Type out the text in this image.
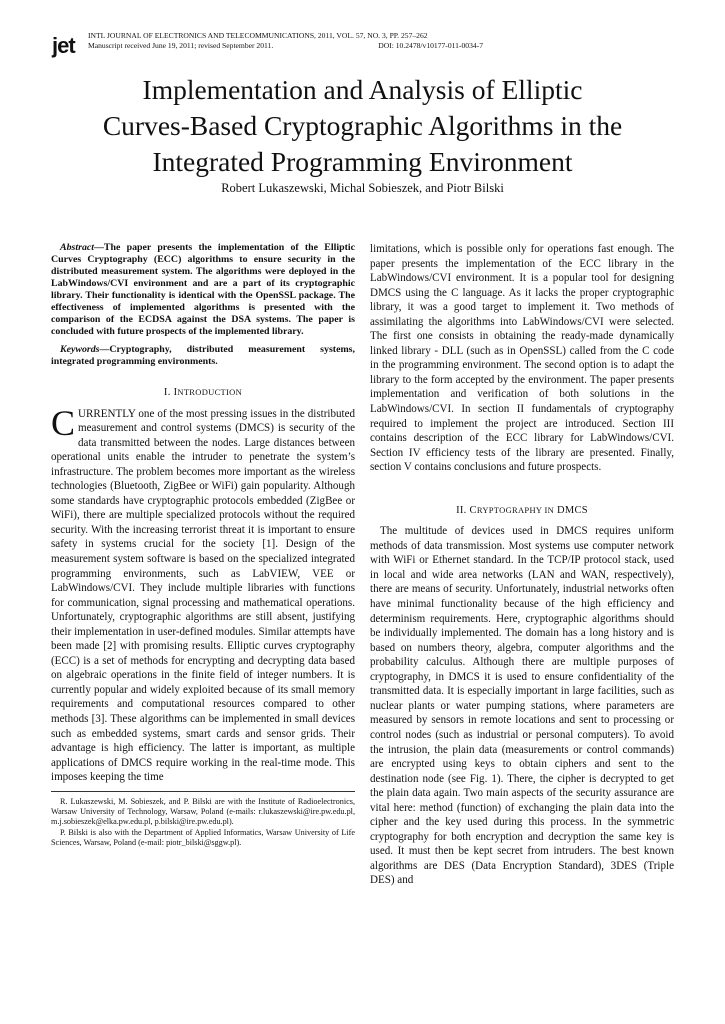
jet INTL JOURNAL OF ELECTRONICS AND TELECOMMUNICATIONS, 2011, VOL. 57, NO. 3, PP. 257–262
Manuscript received June 19, 2011; revised September 2011.	DOI: 10.2478/v10177-011-0034-7
Implementation and Analysis of Elliptic
Curves-Based Cryptographic Algorithms in the
Integrated Programming Environment
Robert Lukaszewski, Michal Sobieszek, and Piotr Bilski

Abstract—The paper presents the implementation of the Elliptic Curves Cryptography (ECC) algorithms to ensure security in the distributed measurement system. The algorithms were deployed in the LabWindows/CVI environment and are a part of its cryptographic library. Their functionality is identical with the OpenSSL package. The effectiveness of implemented algorithms is presented with the comparison of the ECDSA against the DSA systems. The paper is concluded with future prospects of the implemented library.

Keywords—Cryptography, distributed measurement systems, integrated programming environments.

I. INTRODUCTION

CURRENTLY one of the most pressing issues in the distributed measurement and control systems (DMCS) is security of the data transmitted between the nodes. Large distances between operational units enable the intruder to penetrate the system’s infrastructure. The problem becomes more important as the wireless technologies (Bluetooth, ZigBee or WiFi) gain popularity. Although some standards have cryptographic protocols embedded (ZigBee or WiFi), there are multiple specialized protocols without the required security. With the increasing terrorist threat it is important to ensure safety in systems crucial for the society [1]. Design of the measurement system software is based on the specialized integrated programming environments, such as LabVIEW, VEE or LabWindows/CVI. They include multiple libraries with functions for communication, signal processing and mathematical operations. Unfortunately, cryptographic algorithms are still absent, justifying their implementation in user-defined modules. Similar attempts have been made [2] with promising results. Elliptic curves cryptography (ECC) is a set of methods for encrypting and decrypting data based on algebraic operations in the finite field of integer numbers. It is currently popular and widely exploited because of its small memory requirements and computational resources compared to other methods [3]. These algorithms can be implemented in small devices such as embedded systems, smart cards and sensor grids. Their advantage is high efficiency. The latter is important, as multiple applications of DMCS require working in the real-time mode. This imposes keeping the time

R. Lukaszewski, M. Sobieszek, and P. Bilski are with the Institute of Radioelectronics, Warsaw University of Technology, Warsaw, Poland (e-mails: r.lukaszewski@ire.pw.edu.pl, m.j.sobieszek@elka.pw.edu.pl, p.bilski@ire.pw.edu.pl).

P. Bilski is also with the Department of Applied Informatics, Warsaw University of Life Sciences, Warsaw, Poland (e-mail: piotr_bilski@sggw.pl).

limitations, which is possible only for operations fast enough. The paper presents the implementation of the ECC library in the LabWindows/CVI environment. It is a popular tool for designing DMCS using the C language. As it lacks the proper cryptographic library, it was a good target to implement it. Two methods of assimilating the algorithms into LabWindows/CVI were selected. The first one consists in obtaining the ready-made dynamically linked library - DLL (such as in OpenSSL) called from the C code in the programming environment. The second option is to adapt the library to the form accepted by the environment. The paper presents implementation and verification of both solutions in the LabWindows/CVI. In section II fundamentals of cryptography required to implement the project are introduced. Section III contains description of the ECC library for LabWindows/CVI. Section IV efficiency tests of the library are presented. Finally, section V contains conclusions and future prospects.

II. CRYPTOGRAPHY IN DMCS

The multitude of devices used in DMCS requires uniform methods of data transmission. Most systems use computer network with WiFi or Ethernet standard. In the TCP/IP protocol stack, used in local and wide area networks (LAN and WAN, respectively), there are means of security. Unfortunately, industrial networks often have minimal functionality because of the high efficiency and determinism requirements. Here, cryptographic algorithms should be individually implemented. The domain has a long history and is based on numbers theory, algebra, computer algorithms and the probability calculus. Although there are multiple purposes of cryptography, in DMCS it is used to ensure confidentiality of the transmitted data. It is especially important in large facilities, such as nuclear plants or water pumping stations, where parameters are measured by sensors in remote locations and sent to processing or control nodes (such as industrial or personal computers). To avoid the intrusion, the plain data (measurements or control commands) are encrypted using keys to obtain ciphers and sent to the destination node (see Fig. 1). There, the cipher is decrypted to get the plain data again. Two main aspects of the security assurance are vital here: method (function) of exchanging the plain data into the cipher and the key used during this process. In the symmetric cryptography for both encryption and decryption the same key is used. It must then be kept secret from intruders. The best known algorithms are DES (Data Encryption Standard), 3DES (Triple DES) and
